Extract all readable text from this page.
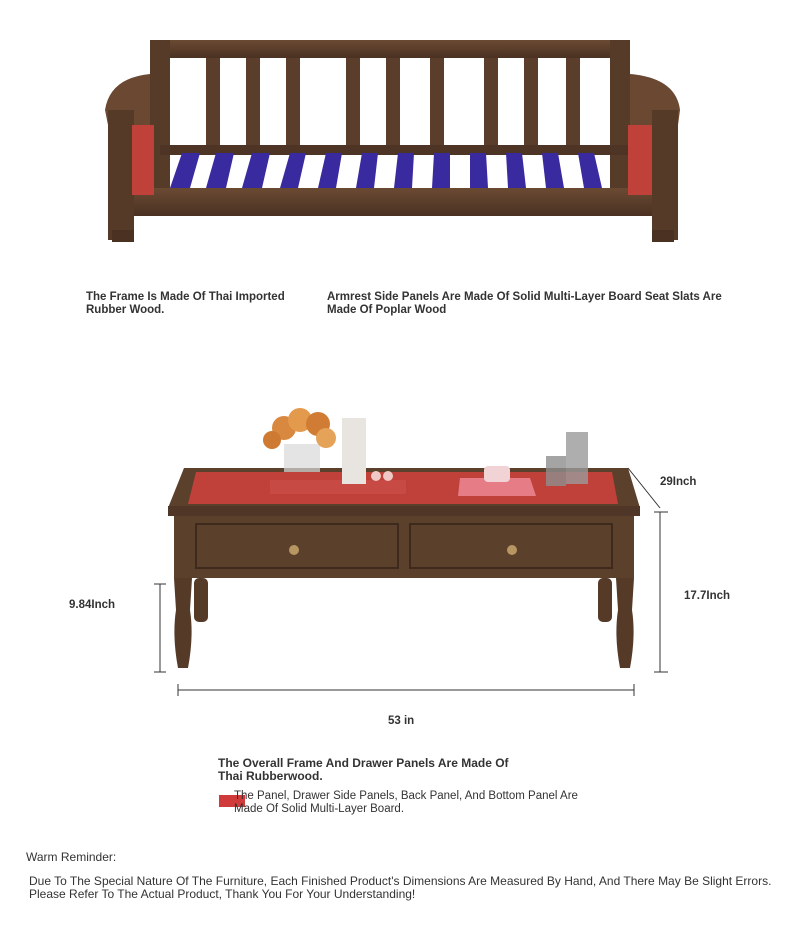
The Frame Is Made Of Thai Imported Rubber Wood.
Armrest Side Panels Are Made Of Solid Multi-Layer Board Seat Slats Are Made Of Poplar Wood
29Inch
17.7Inch
9.84Inch
53 in
The Overall Frame And Drawer Panels Are Made Of Thai Rubberwood.
The Panel, Drawer Side Panels, Back Panel, And Bottom Panel Are Made Of Solid Multi-Layer Board.
Warm Reminder:
Due To The Special Nature Of The Furniture, Each Finished Product's Dimensions Are Measured By Hand, And There May Be Slight Errors. Please Refer To The Actual Product, Thank You For Your Understanding!
